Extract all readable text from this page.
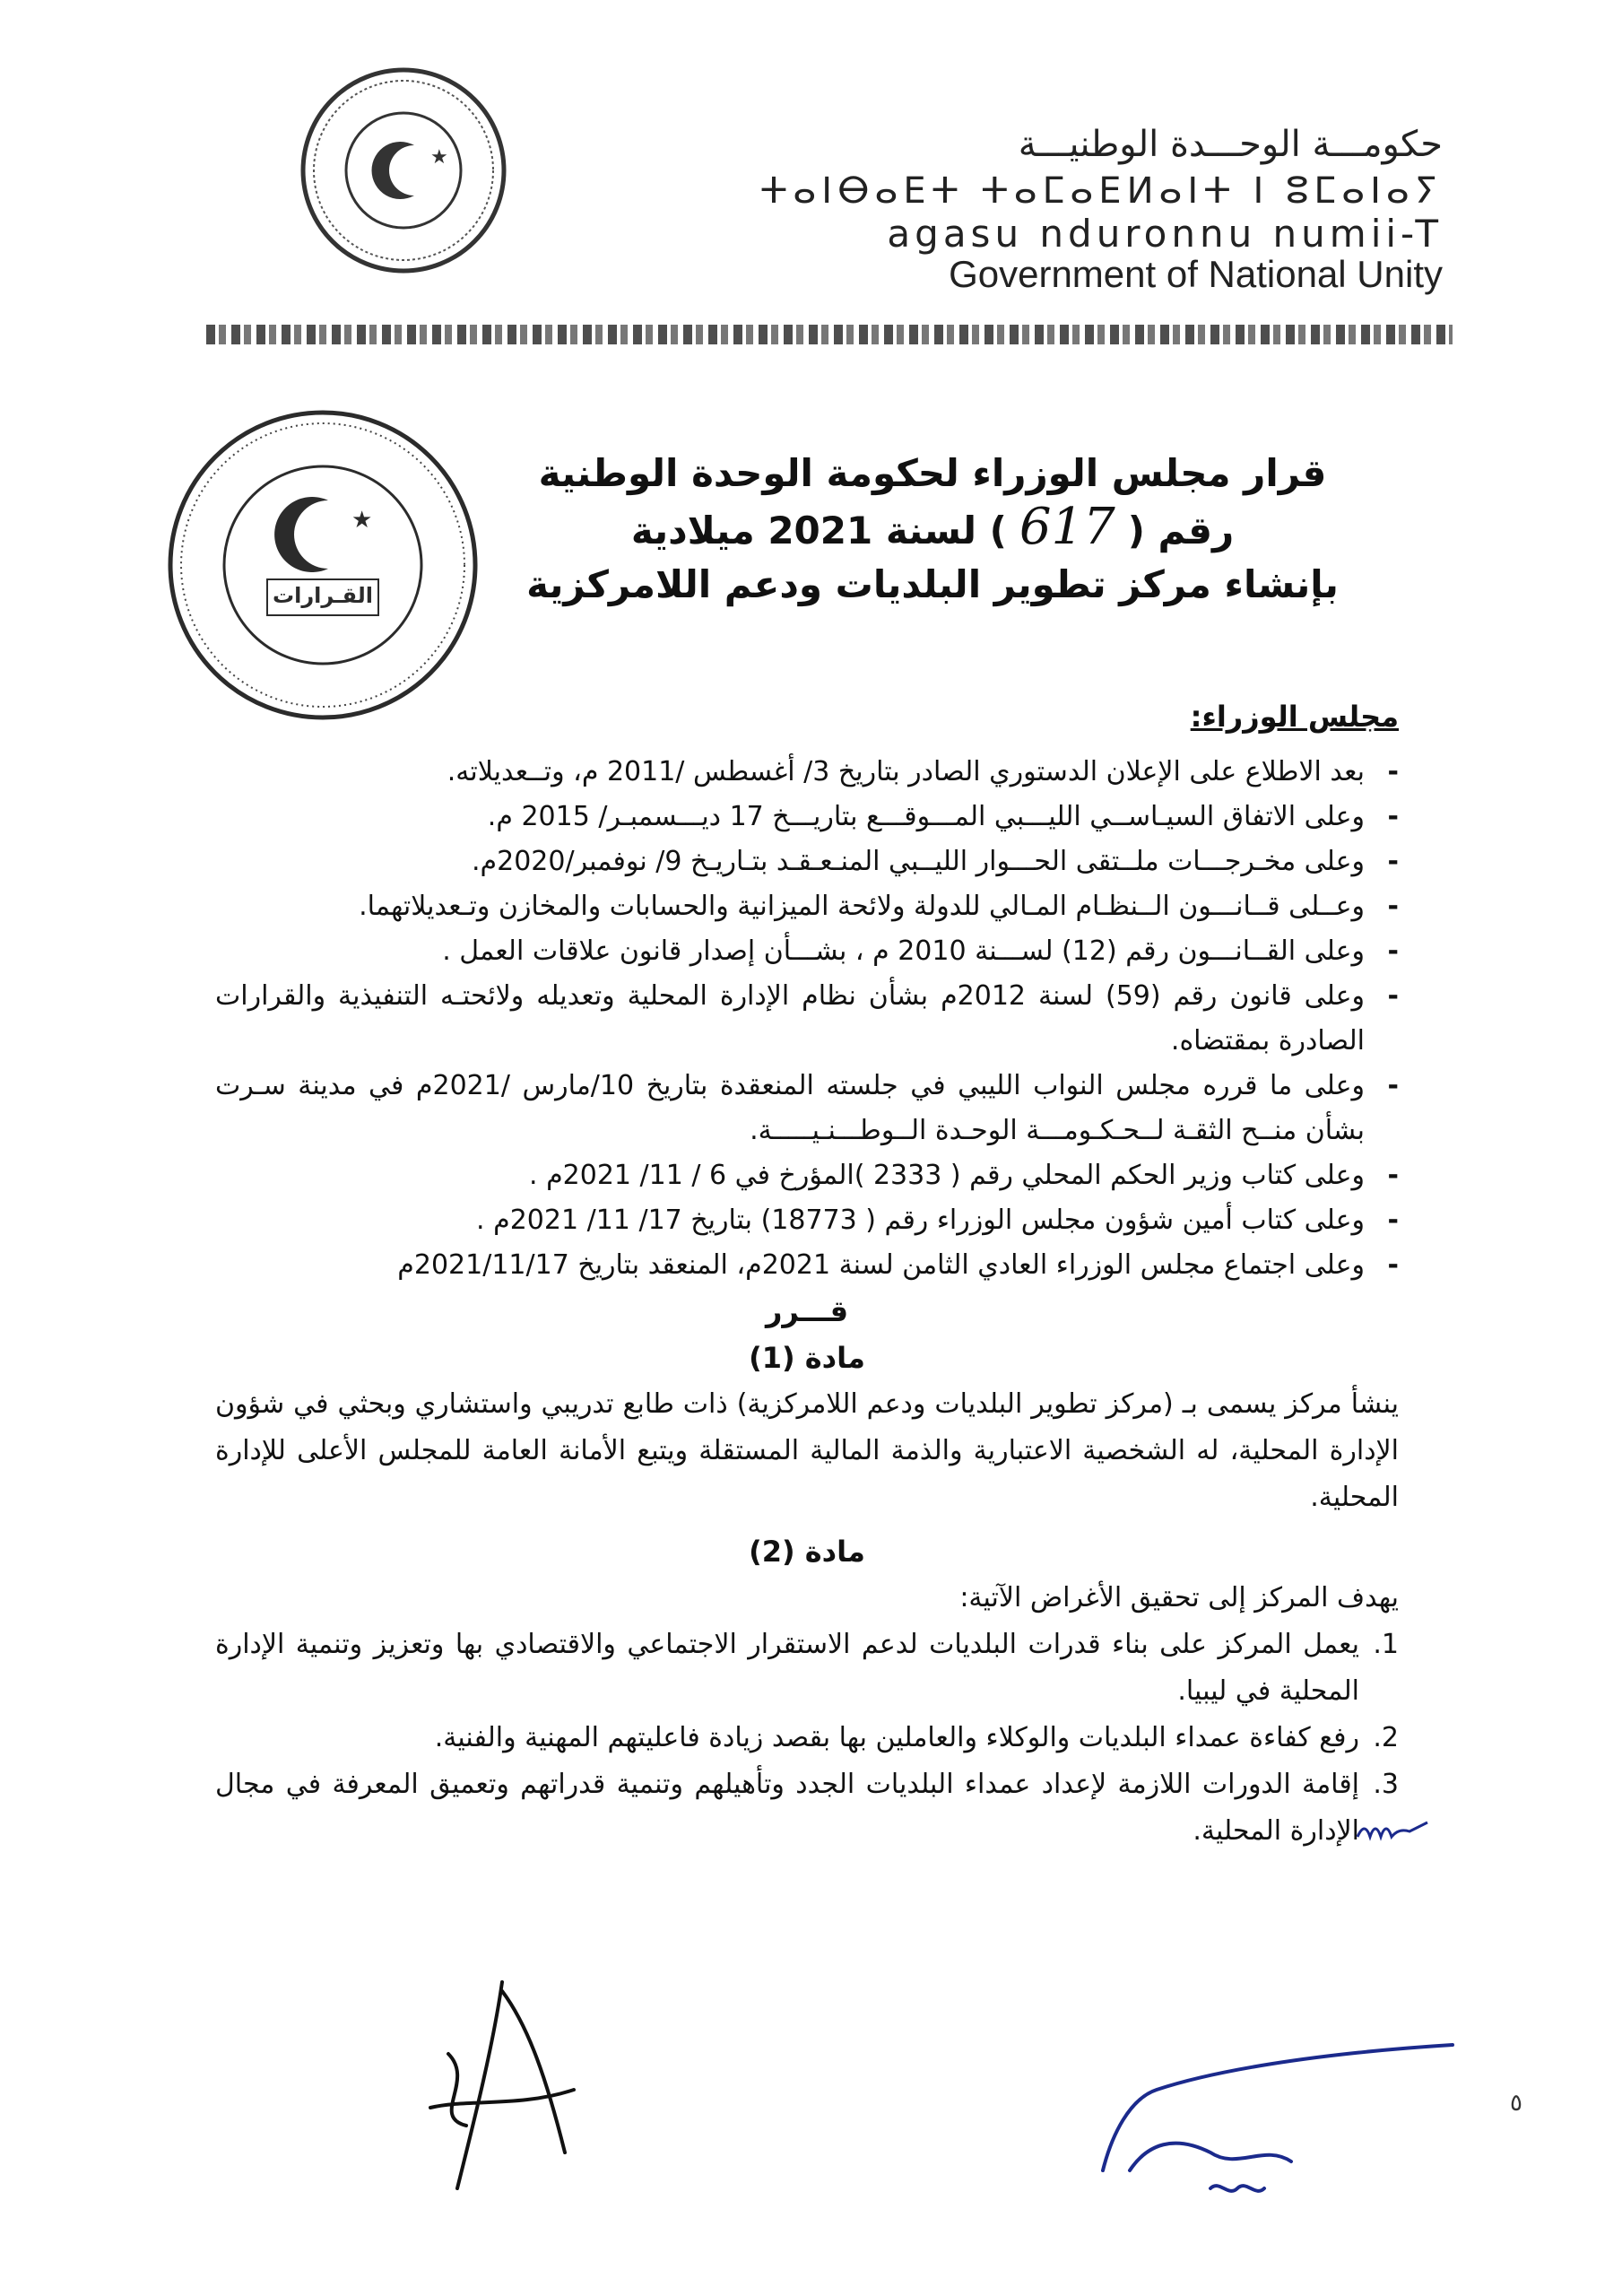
★	حكومـــة الوحـــدة الوطنيـــة
ⵜⴰⵏⴱⴰⴹⵜ ⵜⴰⵎⴰⴹⵍⴰⵏⵜ ⵏ ⵓⵎⴰⵏⴰⵢ
agasu nduronnu numii-T
Government of National Unity
★
القـرارات
قرار مجلس الوزراء لحكومة الوحدة الوطنية
رقم (617) لسنة 2021 ميلادية
بإنشاء مركز تطوير البلديات ودعم اللامركزية
مجلس الوزراء:
- بعد الاطلاع على الإعلان الدستوري الصادر بتاريخ 3/ أغسطس /2011 م، وتــعديلاته.
- وعلى الاتفاق السيـاســي الليـــبي المـــوقـــع بتاريـــخ 17 ديـــسمبـر/ 2015 م.
- وعلى مخـرجـــات ملــتقى الحـــوار الليــبي المنـعـقـد بتـاريـخ 9/ نوفمبر/2020م.
- وعــلى قــانـــون الــنظـام المـالي للدولة ولائحة الميزانية والحسابات والمخازن وتـعديلاتهما.
- وعلى القــانـــون رقم (12) لســـنة 2010 م ، بشـــأن إصدار قانون علاقات العمل .
- وعلى قانون رقم (59) لسنة 2012م بشأن نظام الإدارة المحلية وتعديله ولائحتـه التنفيذية والقرارات الصادرة بمقتضاه.
- وعلى ما قرره مجلس النواب الليبي في جلسته المنعقدة بتاريخ 10/مارس /2021م في مدينة سـرت بشأن منــح الثقـة لــحـكـومـــة الوحـدة الــوطـــنـيـــــة.
- وعلى كتاب وزير الحكم المحلي رقم ( 2333 )المؤرخ في 6 / 11/ 2021م .
- وعلى كتاب أمين شؤون مجلس الوزراء رقم ( 18773) بتاريخ 17/ 11/ 2021م .
- وعلى اجتماع مجلس الوزراء العادي الثامن لسنة 2021م، المنعقد بتاريخ 2021/11/17م
قـــرر
مادة (1)

ينشأ مركز يسمى بـ (مركز تطوير البلديات ودعم اللامركزية) ذات طابع تدريبي واستشاري وبحثي في شؤون الإدارة المحلية، له الشخصية الاعتبارية والذمة المالية المستقلة ويتبع الأمانة العامة للمجلس الأعلى للإدارة المحلية.

مادة (2)

يهدف المركز إلى تحقيق الأغراض الآتية:

1.
يعمل المركز على بناء قدرات البلديات لدعم الاستقرار الاجتماعي والاقتصادي بها وتعزيز وتنمية الإدارة المحلية في ليبيا.
2.
رفع كفاءة عمداء البلديات والوكلاء والعاملين بها بقصد زيادة فاعليتهم المهنية والفنية.
3.
إقامة الدورات اللازمة لإعداد عمداء البلديات الجدد وتأهيلهم وتنمية قدراتهم وتعميق المعرفة في مجال الإدارة المحلية.
٥
